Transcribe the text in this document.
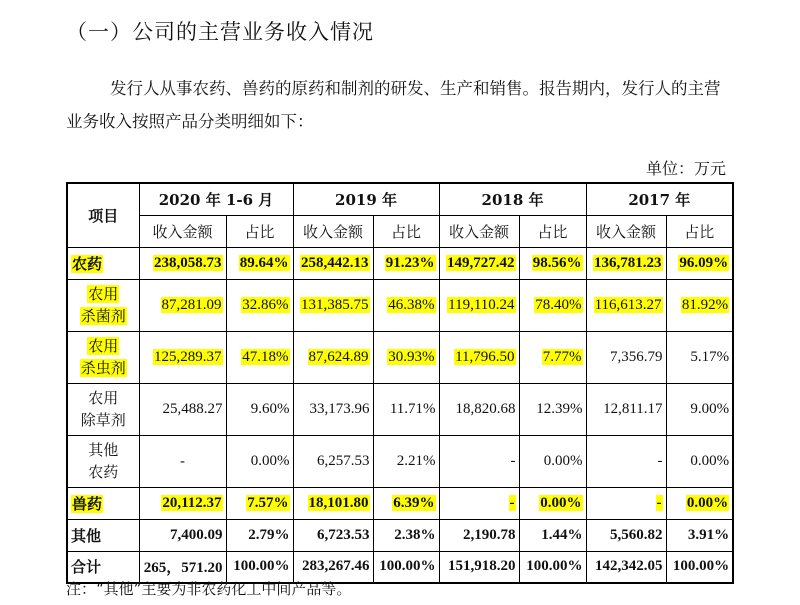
（一）公司的主营业务收入情况
发行人从事农药、兽药的原药和制剂的研发、生产和销售。报告期内，发行人的主营业务收入按照产品分类明细如下：
单位：万元
项目	2020 年 1-6 月		2019 年		2018 年		2017 年	
	收入金额	占比	收入金额	占比	收入金额	占比	收入金额	占比
农药	238,058.73	89.64%	258,442.13	91.23%	149,727.42	98.56%	136,781.23	96.09%
农用
杀菌剂	87,281.09	32.86%	131,385.75	46.38%	119,110.24	78.40%	116,613.27	81.92%
农用
杀虫剂	125,289.37	47.18%	87,624.89	30.93%	11,796.50	7.77%	7,356.79	5.17%
农用
除草剂	25,488.27	9.60%	33,173.96	11.71%	18,820.68	12.39%	12,811.17	9.00%
其他
农药	-	0.00%	6,257.53	2.21%	-	0.00%	-	0.00%
兽药	20,112.37	7.57%	18,101.80	6.39%	-	0.00%	-	0.00%
其他	7,400.09	2.79%	6,723.53	2.38%	2,190.78	1.44%	5,560.82	3.91%
合计	265，571.20	100.00%	283,267.46	100.00%	151,918.20	100.00%	142,342.05	100.00%
注：“其他”主要为非农药化工中间产品等。
